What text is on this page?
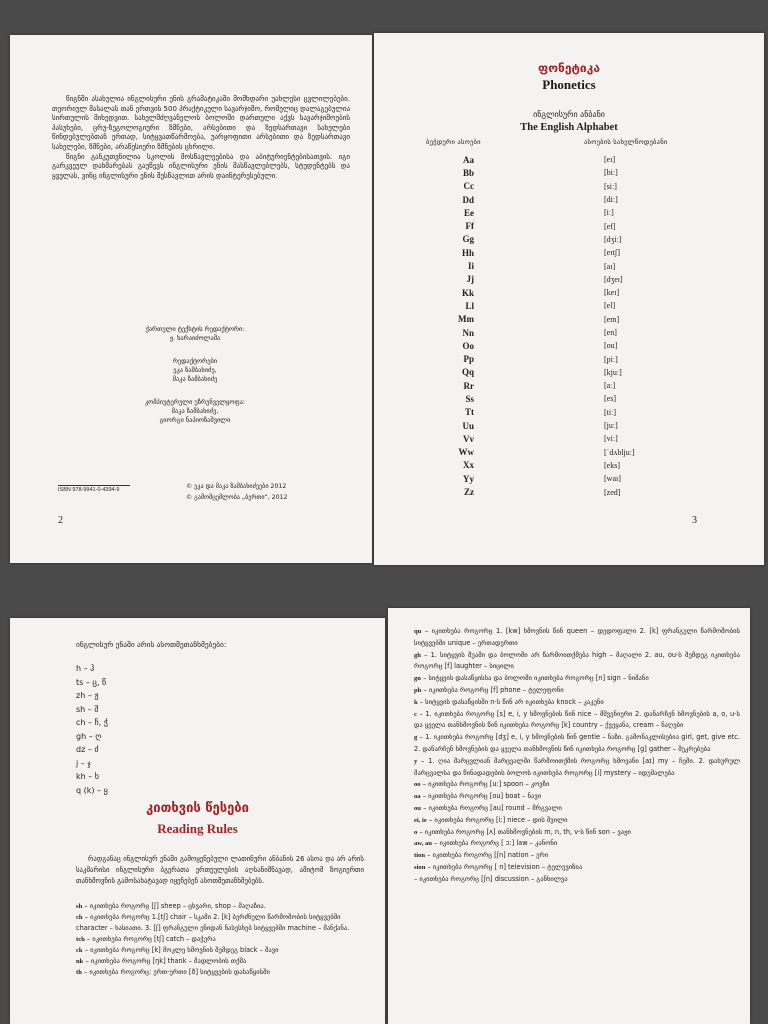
წიგნში ასახულია ინგლისური ენის გრამატიკაში მომხდარი უახლესი ცვლილებები. თეორიულ მასალას თან ერთვის 500 პრაქტიკული სავარჯიშო, რომელიც დალაგებულია სირთულის მიხედვით. სახელმძღვანელოს ბოლოში დართული აქვს სავარჯიშოების პასუხები, ცრუ-ზეგოლოგიური ზმნები, არსებითი და ზედსართავი სახელები წინდებულებთან ერთად, სიტყვათწარმოება, უარყოფითი არსებითი და ზედსართავი სახელები, ზმნები, არაწესიერი ზმნების ცხრილი.

წიგნი განკუთვნილია სკოლის მოსწავლეებისა და აბიტურიენტებისათვის. იგი გარკვეულ დახმარებას გაუწევს ინგლისური ენის მასწავლებლებს, სტუდენტებს და ყველას, ვინც ინგლისური ენის შესწავლით არის დაინტერესებული.

ქართული ტექსტის რედაქტორი:
ჟ. ხარაიძოლაშა
რედაქტორები
ეკა ზამბახიძე,
მაკა ზამბახიძე
კომპიუტერული უზრუნველყოფა:
მაკა ზამბახიძე,
გიორგი ნაპიოზაშვილი
ISBN 978-9941-0-4394-9	© ეკა და მაკა ზამბახიძეები 2012
© გამომცემლობა „ბერთი“, 2012
2
ფონეტიკა
Phonetics
ინგლისური ანბანი
The English Alphabet
ბეჭდური ასოები	ასოების სახელწოდებანი
Aa	[eɪ]
Bb	[biː]
Cc	[siː]
Dd	[diː]
Ee	[iː]
Ff	[ef]
Gg	[dʒiː]
Hh	[eɪtʃ]
Ii	[aɪ]
Jj	[dʒeɪ]
Kk	[keɪ]
Ll	[el]
Mm	[em]
Nn	[en]
Oo	[ou]
Pp	[piː]
Qq	[kjuː]
Rr	[aː]
Ss	[es]
Tt	[tiː]
Uu	[juː]
Vv	[viː]
Ww	[ˈdʌbljuː]
Xx	[eks]
Yy	[waɪ]
Zz	[zed]
3
ინგლისურ ენაში არის ასოთშეთანხმებები:
h – ჰ
ts – ც, წ
zh – ჟ
sh – შ
ch – ჩ, ჭ
gh – ღ
dz – ძ
j – ჯ
kh – ხ
q (k) – ყ
კითხვის წესები
Reading Rules
რადგანაც ინგლისურ ენაში გამოყენებული ლათინური ანბანის 26 ასოა და არ არის საკმარისი ინგლისური ბგერათა ერთეულების აღსანიშნავად, ამიტომ ზოგიერთი თანხმოვნის გამოსახატავად იყენებენ ასოთშეთანხმებებს.
sh – იკითხება როგორც [ʃ] sheep – ცხვარი, shop – მაღაზია.
ch – იკითხება როგორც 1.[tʃ] chair – სკამი 2. [k] ბერძნული წარმოშობის სიტყვებში character – ხასიათი. 3. [ʃ] ფრანგული ენიდან ნასესხებ სიტყვებში machine – მანქანა.
tch – იკითხება როგორც [tʃ] catch – დაჭერა
ck – იკითხება როგორც [k] მოკლე ხმოვნის შემდეგ black – შავი
nk – იკითხება როგორც [ŋk] thank – მადლობის თქმა
th – იკითხება როგორც: ერთ-ერთი [ð] სიტყვების დასაწყისში
qu – იკითხება როგორც 1. [kw] ხმოვნის წინ queen – დედოფალი 2. [k] ფრანგული წარმოშობის სიტყვებში unique – ერთადერთი
gh – 1. სიტყვის შუაში და ბოლოში არ წარმოითქმება high – მაღალი 2. au, ou-ს შემდეგ იკითხება როგორც [f] laughter – სიცილი
gn – სიტყვის დასაწყისსა და ბოლოში იკითხება როგორც [n] sign – ნიშანი
ph – იკითხება როგორც [f] phone – ტელეფონი
k – სიტყვის დასაწყისში n-ს წინ არ იკითხება knock – კაკუნი
c – 1. იკითხება როგორც [s] e, i, y ხმოვნების წინ nice – მშვენიერი 2. დანარჩენ ხმოვნების a, o, u-ს და ყველა თანხმოვნის წინ იკითხება როგორც [k] country – ქვეყანა, cream – ნაღები
g – 1. იკითხება როგორც [dʒ] e, i, y ხმოვნების წინ gentle – ნაზი. გამონაკლისებია girl, get, give etc. 2. დანარჩენ ხმოვნების და ყველა თანხმოვნის წინ იკითხება როგორც [g] gather – შეკრებება
y – 1. ღია მარცვლიან მარცვალში წარმოითქმის როგორც ხმოვანი [aɪ] my – ჩემი. 2. დახურულ მარცვალსა და წინადადების ბოლოს იკითხება როგორც [i] mystery – იდუმალება
oo – იკითხება როგორც [uː] spoon – კოვზი
oa – იკითხება როგორც [ou] boat – ნავი
ou – იკითხება როგორც [au] round – მრგვალი
ei, ie – იკითხება როგორც [iː] niece – დის შვილი
o – იკითხება როგორც [ʌ] თანხმოვნების m, n, th, v-ს წინ son – ვაჟი
aw, au – იკითხება როგორც [ ɔː] law – კანონი
tion – იკითხება როგორც [ʃn] nation – ერი
sion – იკითხება როგორც [ n] television – ტელევიზია
– იკითხება როგორც [ʃn] discussion – განხილვა
